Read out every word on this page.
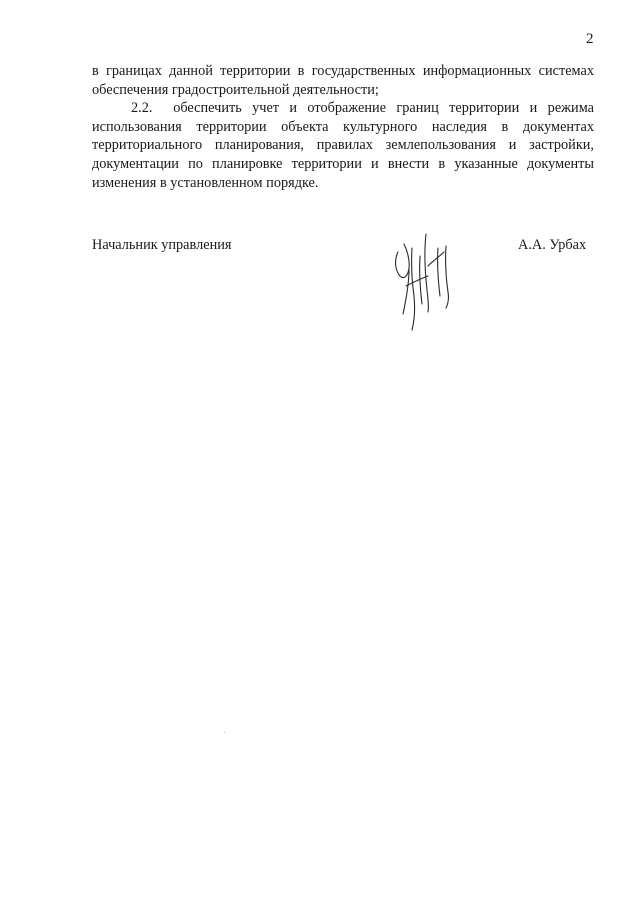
2

в границах данной территории в государственных информационных системах обеспечения градостроительной деятельности;

2.2. обеспечить учет и отображение границ территории и режима использования территории объекта культурного наследия в документах территориального планирования, правилах землепользования и застройки, документации по планировке территории и внести в указанные документы изменения в установленном порядке.

Начальник управления	А.А. Урбах
